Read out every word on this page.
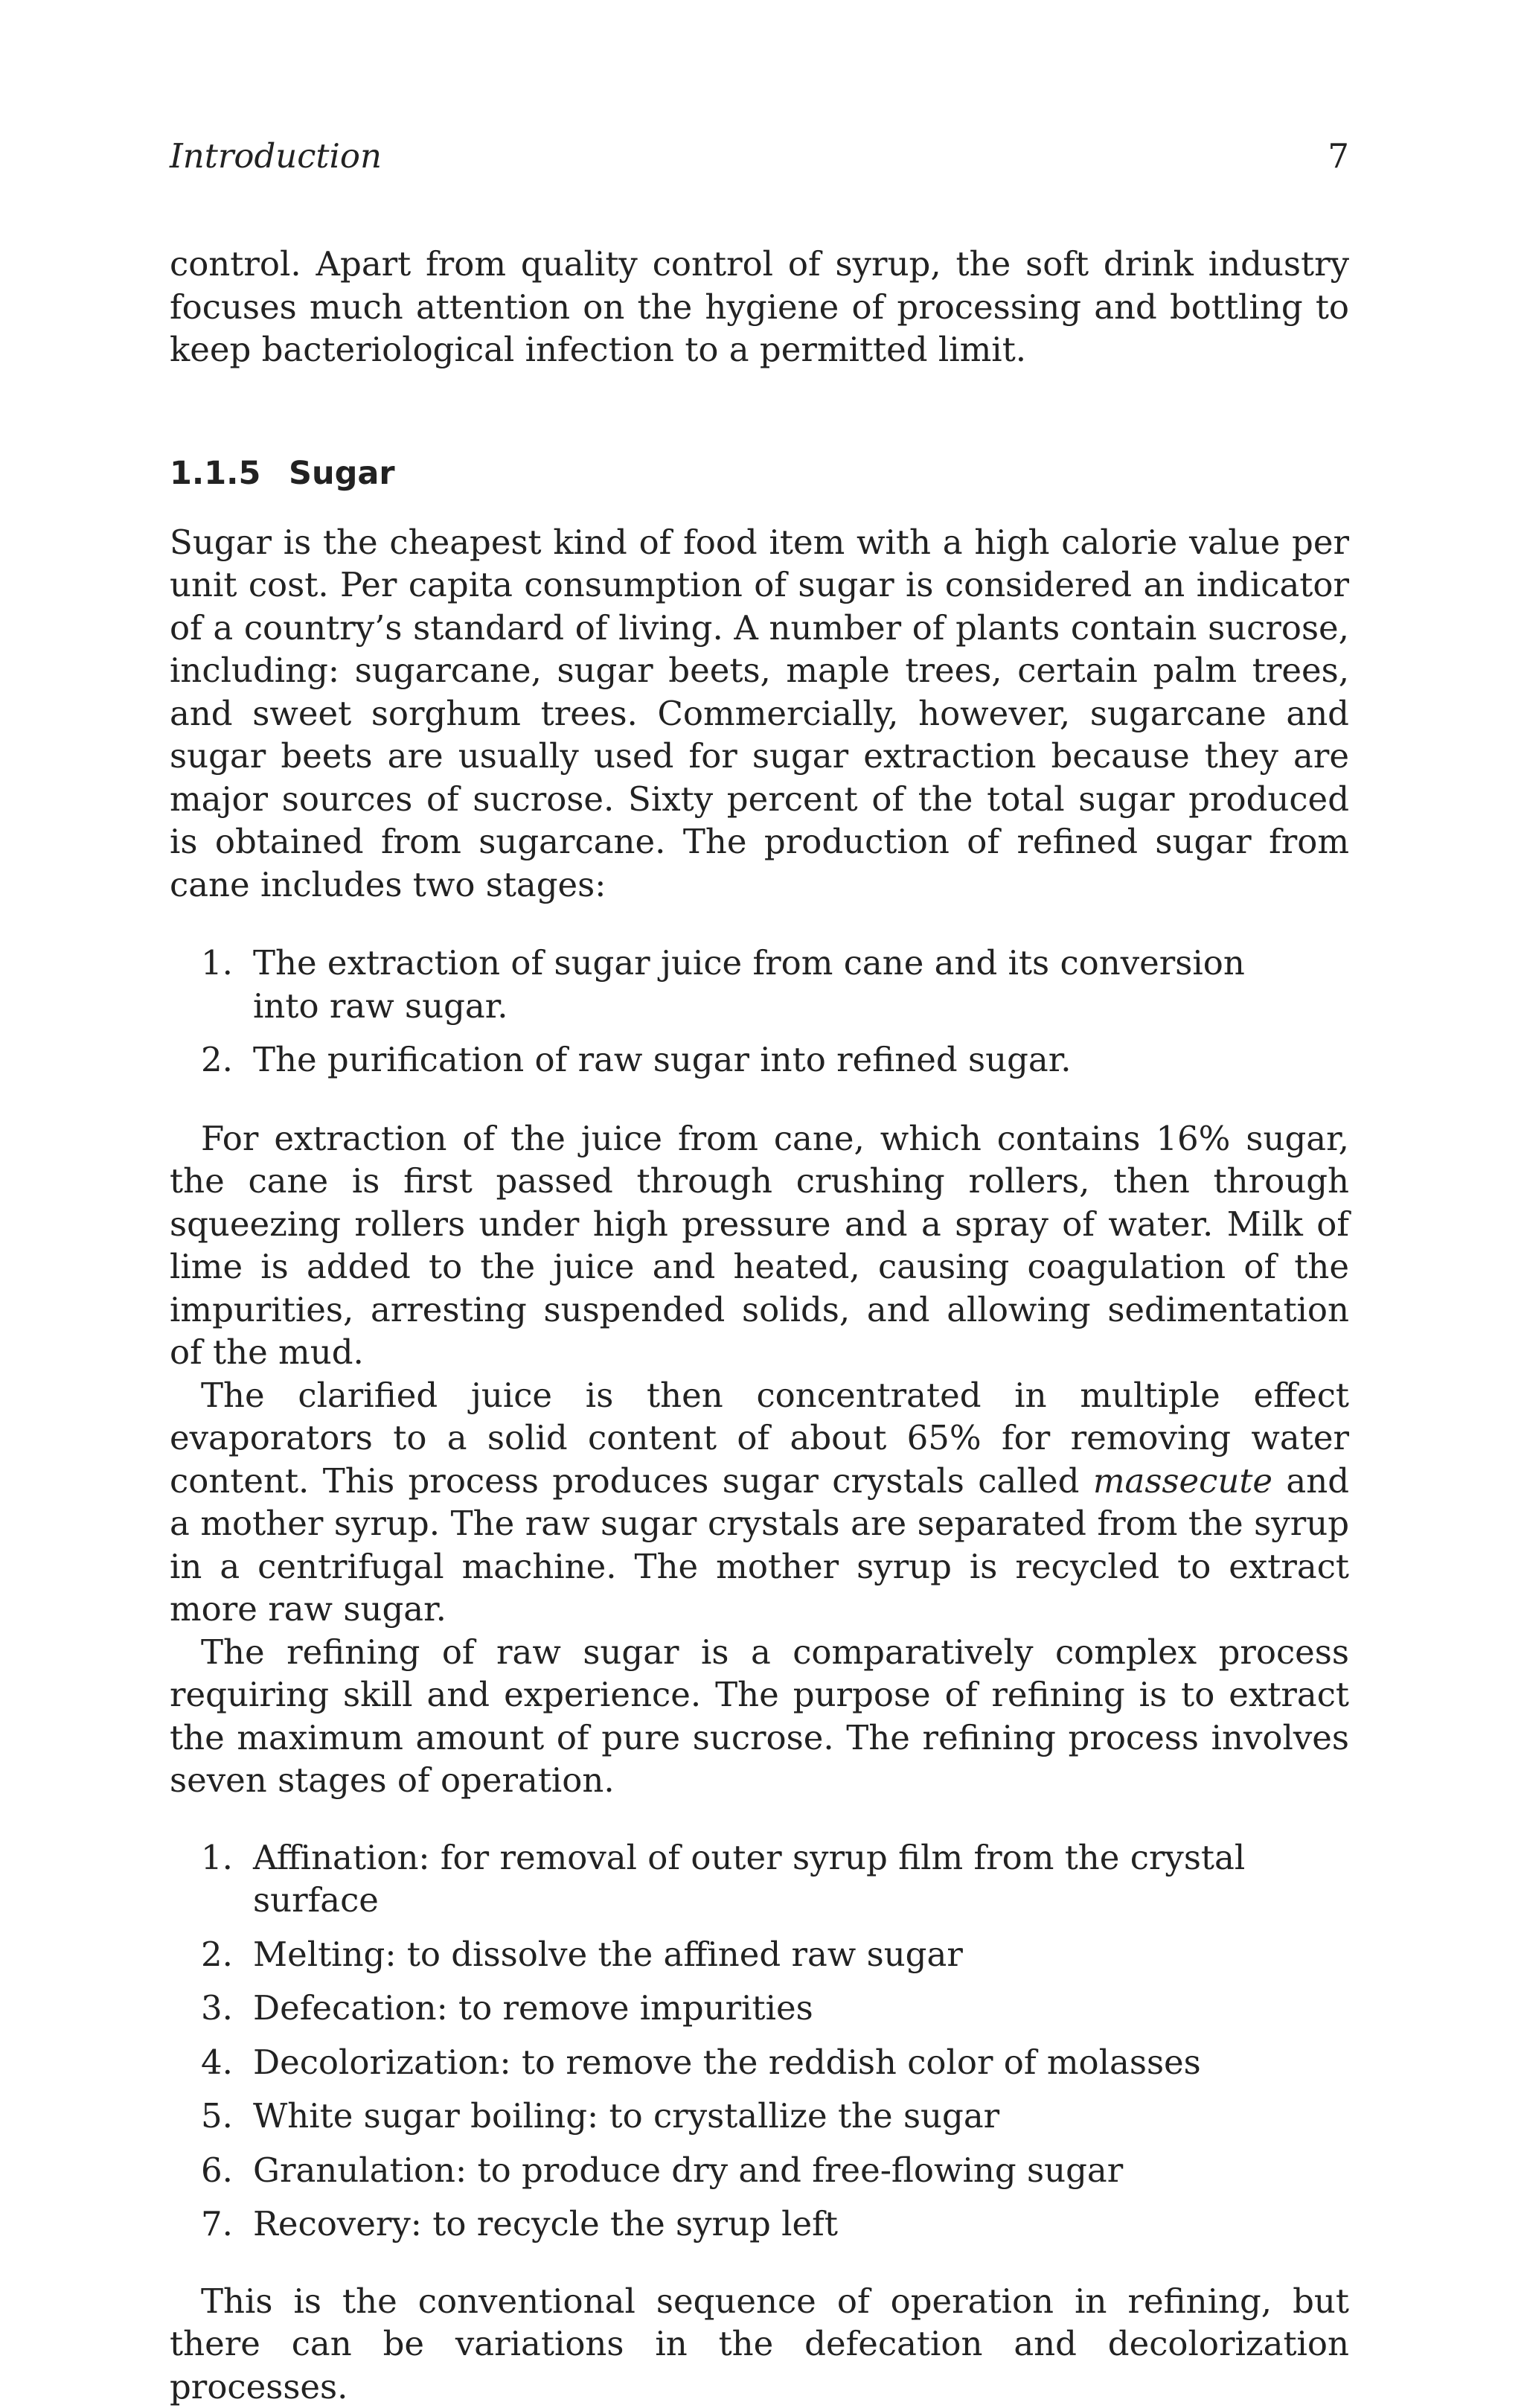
Introduction	7

control. Apart from quality control of syrup, the soft drink industry focuses much attention on the hygiene of processing and bottling to keep bacteriological infection to a permitted limit.

1.1.5 Sugar

Sugar is the cheapest kind of food item with a high calorie value per unit cost. Per capita consumption of sugar is considered an indicator of a country’s standard of living. A number of plants contain sucrose, including: sugarcane, sugar beets, maple trees, certain palm trees, and sweet sorghum trees. Commercially, however, sugarcane and sugar beets are usually used for sugar extraction because they are major sources of sucrose. Sixty percent of the total sugar produced is obtained from sugarcane. The production of refined sugar from cane includes two stages:

1. The extraction of sugar juice from cane and its conversion into raw sugar.
2. The purification of raw sugar into refined sugar.

For extraction of the juice from cane, which contains 16% sugar, the cane is first passed through crushing rollers, then through squeezing rollers under high pressure and a spray of water. Milk of lime is added to the juice and heated, causing coagulation of the impurities, arresting suspended solids, and allowing sedimentation of the mud.

The clarified juice is then concentrated in multiple effect evaporators to a solid content of about 65% for removing water content. This process produces sugar crystals called massecute and a mother syrup. The raw sugar crystals are separated from the syrup in a centrifugal machine. The mother syrup is recycled to extract more raw sugar.

The refining of raw sugar is a comparatively complex process requiring skill and experience. The purpose of refining is to extract the maximum amount of pure sucrose. The refining process involves seven stages of operation.

1. Affination: for removal of outer syrup film from the crystal surface
2. Melting: to dissolve the affined raw sugar
3. Defecation: to remove impurities
4. Decolorization: to remove the reddish color of molasses
5. White sugar boiling: to crystallize the sugar
6. Granulation: to produce dry and free-flowing sugar
7. Recovery: to recycle the syrup left

This is the conventional sequence of operation in refining, but there can be variations in the defecation and decolorization processes.
